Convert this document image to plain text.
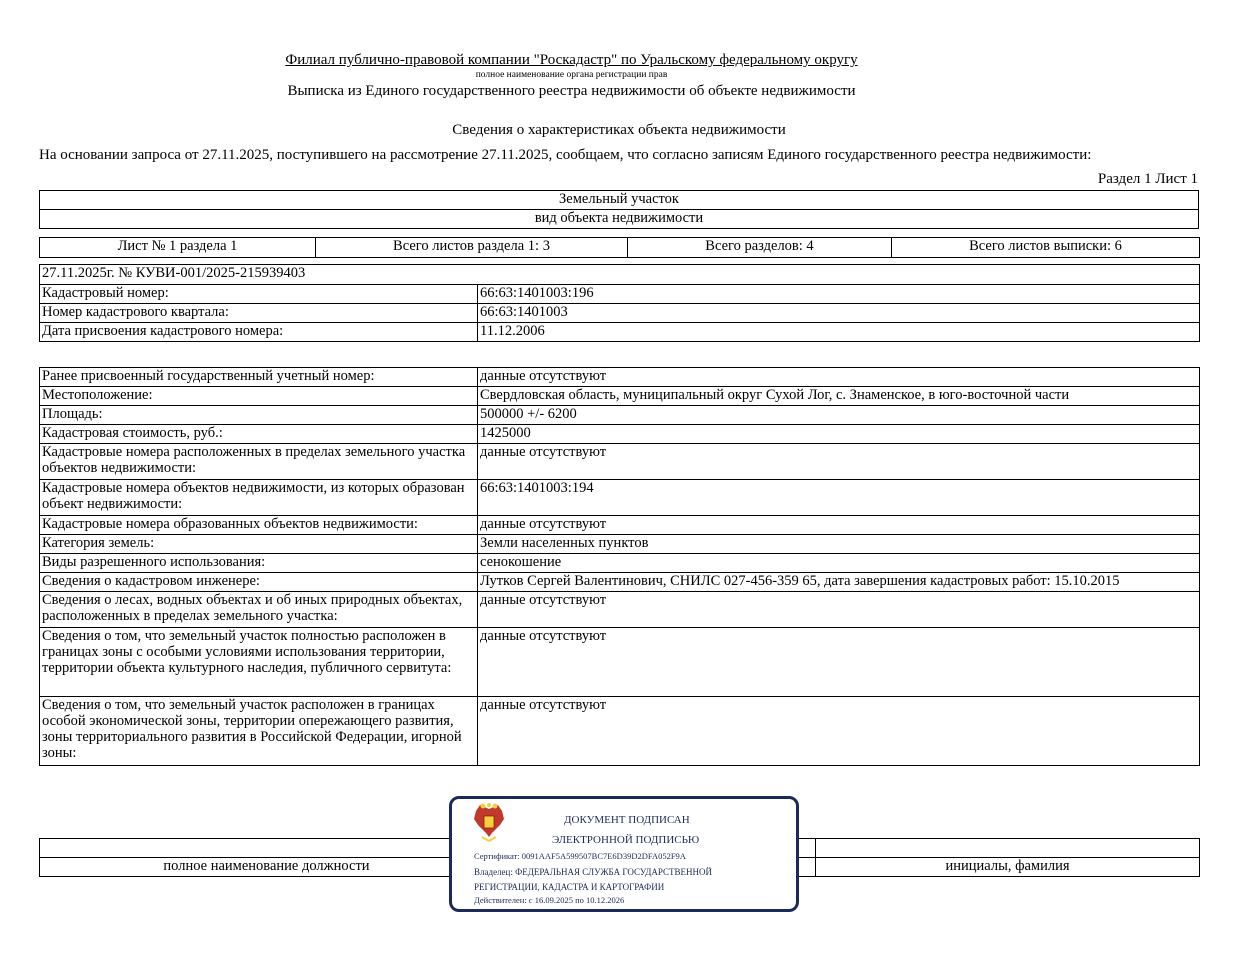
Филиал публично-правовой компании "Роскадастр" по Уральскому федеральному округу
полное наименование органа регистрации прав
Выписка из Единого государственного реестра недвижимости об объекте недвижимости
Сведения о характеристиках объекта недвижимости
На основании запроса от 27.11.2025, поступившего на рассмотрение 27.11.2025, сообщаем, что согласно записям Единого государственного реестра недвижимости:
Раздел 1 Лист 1
Земельный участок
вид объекта недвижимости
Лист № 1 раздела 1	Всего листов раздела 1: 3	Всего разделов: 4	Всего листов выписки: 6
27.11.2025г. № КУВИ-001/2025-215939403	
Кадастровый номер:	66:63:1401003:196
Номер кадастрового квартала:	66:63:1401003
Дата присвоения кадастрового номера:	11.12.2006
Ранее присвоенный государственный учетный номер:	данные отсутствуют
Местоположение:	Свердловская область, муниципальный округ Сухой Лог, с. Знаменское, в юго-восточной части
Площадь:	500000 +/- 6200
Кадастровая стоимость, руб.:	1425000
Кадастровые номера расположенных в пределах земельного участка объектов недвижимости:	данные отсутствуют
Кадастровые номера объектов недвижимости, из которых образован объект недвижимости:	66:63:1401003:194
Кадастровые номера образованных объектов недвижимости:	данные отсутствуют
Категория земель:	Земли населенных пунктов
Виды разрешенного использования:	сенокошение
Сведения о кадастровом инженере:	Лутков Сергей Валентинович, СНИЛС 027-456-359 65, дата завершения кадастровых работ: 15.10.2015
Сведения о лесах, водных объектах и об иных природных объектах, расположенных в пределах земельного участка:	данные отсутствуют
Сведения о том, что земельный участок полностью расположен в границах зоны с особыми условиями использования территории, территории объекта культурного наследия, публичного сервитута:	данные отсутствуют
Сведения о том, что земельный участок расположен в границах особой экономической зоны, территории опережающего развития, зоны территориального развития в Российской Федерации, игорной зоны:	данные отсутствуют

полное наименование должности		инициалы, фамилия
ДОКУМЕНТ ПОДПИСАН
ЭЛЕКТРОННОЙ ПОДПИСЬЮ
Сертификат: 0091AAF5A599507BC7E6D39D2DFA052F9A
Владелец: ФЕДЕРАЛЬНАЯ СЛУЖБА ГОСУДАРСТВЕННОЙ
РЕГИСТРАЦИИ, КАДАСТРА И КАРТОГРАФИИ
Действителен: с 16.09.2025 по 10.12.2026
